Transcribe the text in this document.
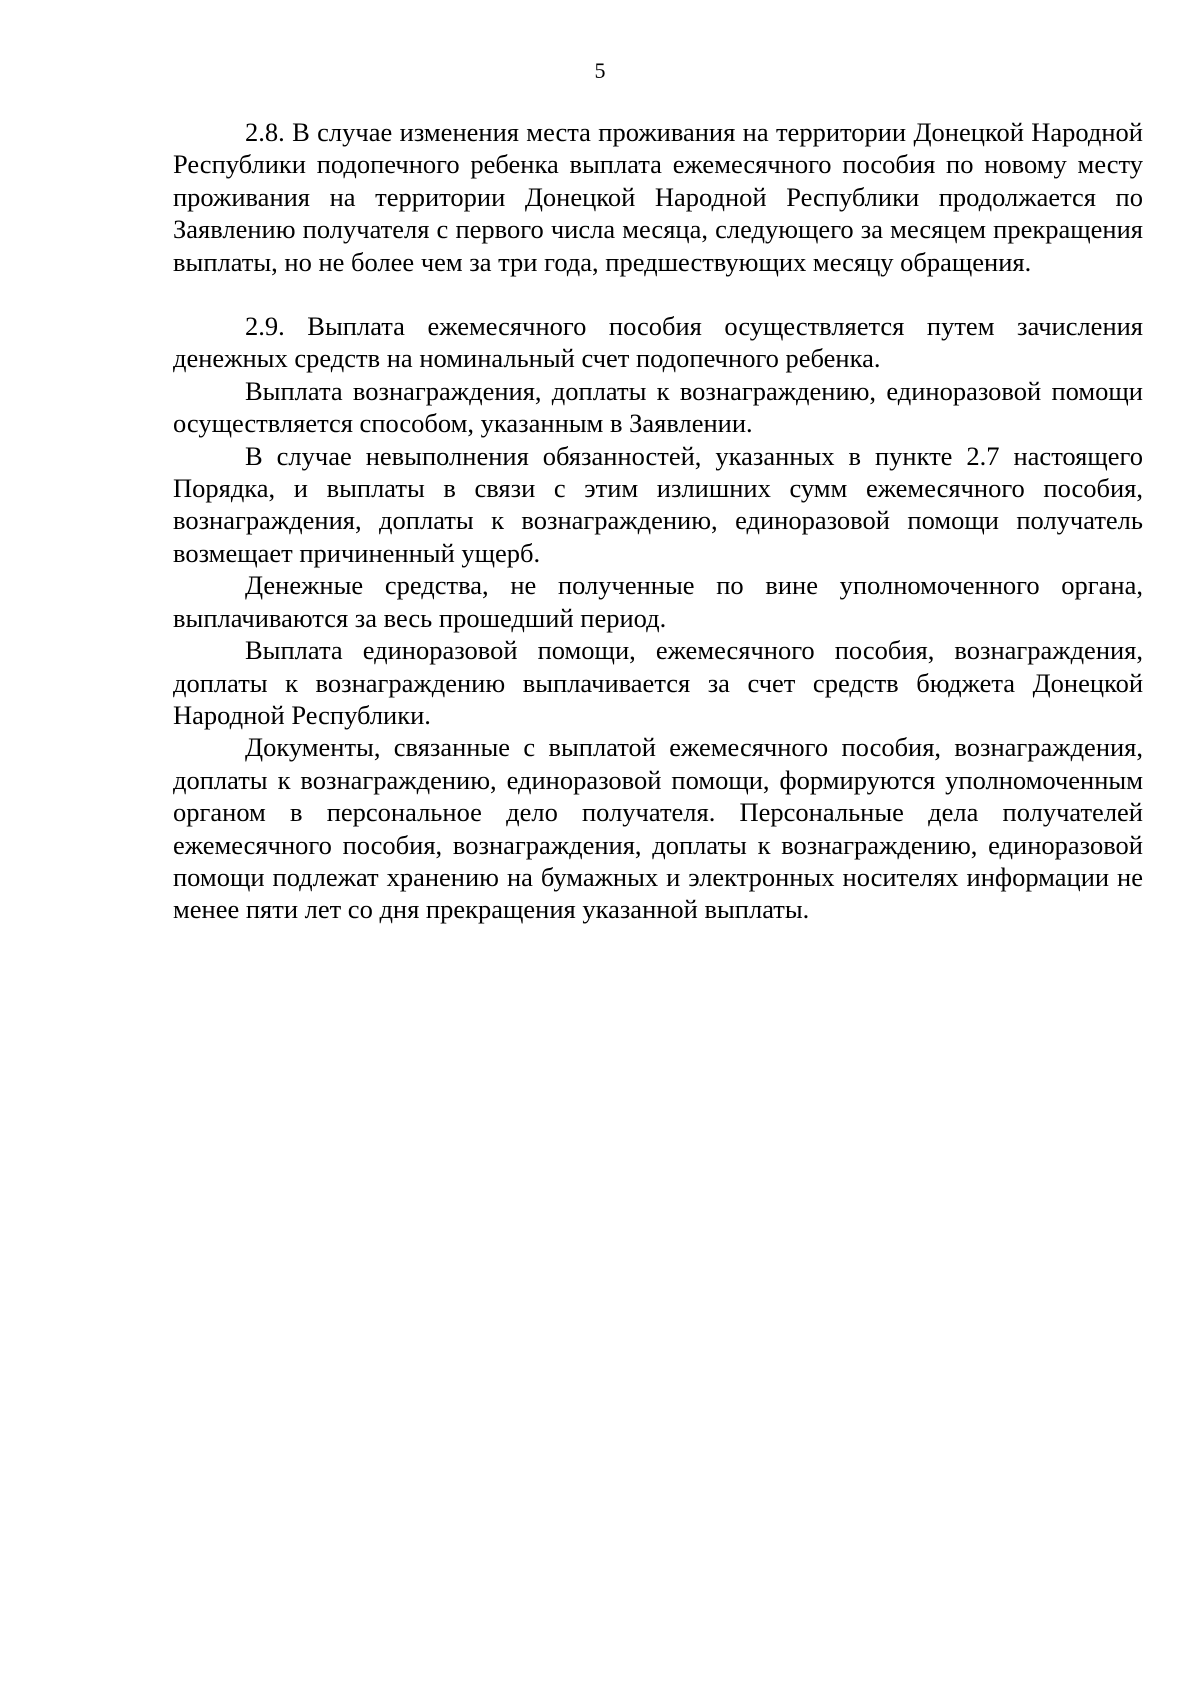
5

2.8. В случае изменения места проживания на территории Донецкой Народной Республики подопечного ребенка выплата ежемесячного пособия по новому месту проживания на территории Донецкой Народной Республики продолжается по Заявлению получателя с первого числа месяца, следующего за месяцем прекращения выплаты, но не более чем за три года, предшествующих месяцу обращения.

2.9. Выплата ежемесячного пособия осуществляется путем зачисления денежных средств на номинальный счет подопечного ребенка.

Выплата вознаграждения, доплаты к вознаграждению, единоразовой помощи осуществляется способом, указанным в Заявлении.

В случае невыполнения обязанностей, указанных в пункте 2.7 настоящего Порядка, и выплаты в связи с этим излишних сумм ежемесячного пособия, вознаграждения, доплаты к вознаграждению, единоразовой помощи получатель возмещает причиненный ущерб.

Денежные средства, не полученные по вине уполномоченного органа, выплачиваются за весь прошедший период.

Выплата единоразовой помощи, ежемесячного пособия, вознаграждения, доплаты к вознаграждению выплачивается за счет средств бюджета Донецкой Народной Республики.

Документы, связанные с выплатой ежемесячного пособия, вознаграждения, доплаты к вознаграждению, единоразовой помощи, формируются уполномоченным органом в персональное дело получателя. Персональные дела получателей ежемесячного пособия, вознаграждения, доплаты к вознаграждению, единоразовой помощи подлежат хранению на бумажных и электронных носителях информации не менее пяти лет со дня прекращения указанной выплаты.
